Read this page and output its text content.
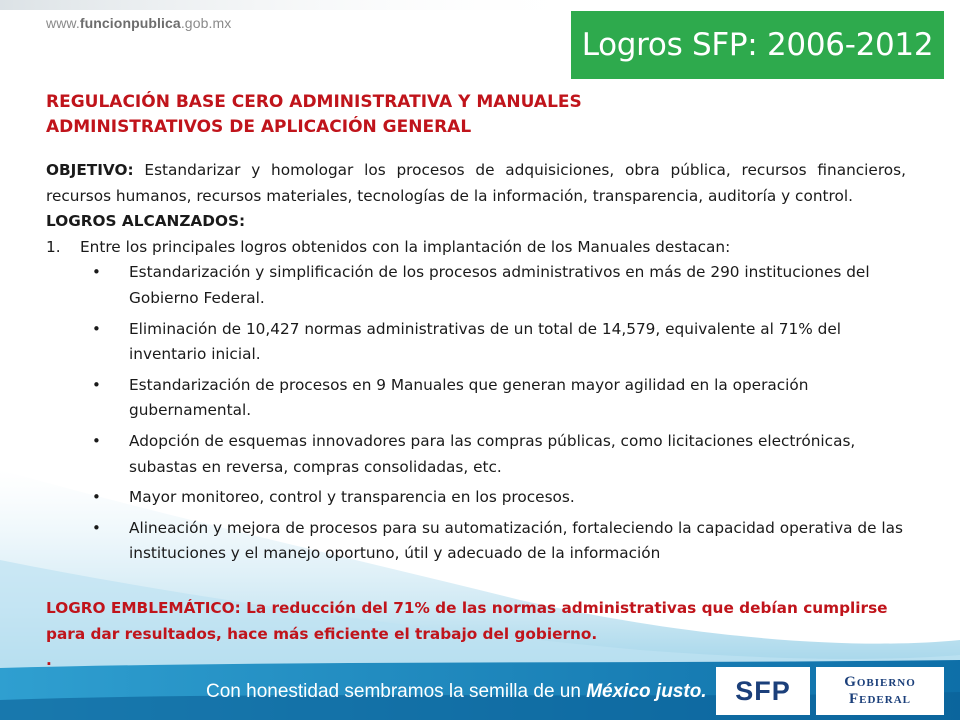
www.funcionpublica.gob.mx
Logros SFP: 2006-2012
REGULACIÓN BASE CERO ADMINISTRATIVA Y MANUALES
ADMINISTRATIVOS DE APLICACIÓN GENERAL

OBJETIVO: Estandarizar y homologar los procesos de adquisiciones, obra pública, recursos financieros, recursos humanos, recursos materiales, tecnologías de la información, transparencia, auditoría y control.

LOGROS ALCANZADOS:

1.	Entre los principales logros obtenidos con la implantación de los Manuales destacan:
• Estandarización y simplificación de los procesos administrativos en más de 290 instituciones del Gobierno Federal.
• Eliminación de 10,427 normas administrativas de un total de 14,579, equivalente al 71% del inventario inicial.
• Estandarización de procesos en 9 Manuales que generan mayor agilidad en la operación gubernamental.
• Adopción de esquemas innovadores para las compras públicas, como licitaciones electrónicas, subastas en reversa, compras consolidadas, etc.
• Mayor monitoreo, control y transparencia en los procesos.
• Alineación y mejora de procesos para su automatización, fortaleciendo la capacidad operativa de las instituciones y el manejo oportuno, útil y adecuado de la información
LOGRO EMBLEMÁTICO: La reducción del 71% de las normas administrativas que debían cumplirse para dar resultados, hace más eficiente el trabajo del gobierno.
.
Con honestidad sembramos la semilla de un México justo. SFP	Gobierno
Federal
